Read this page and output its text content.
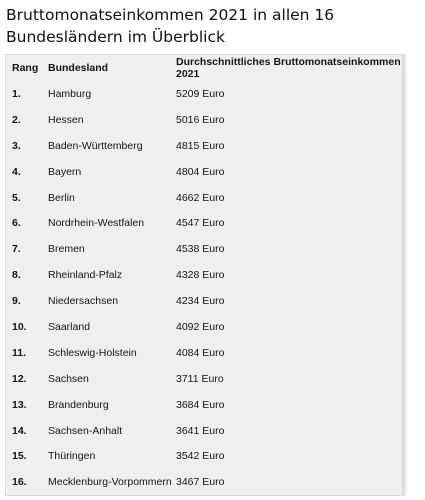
Bruttomonatseinkommen 2021 in allen 16 Bundesländern im Überblick
Rang	Bundesland	Durchschnittliches Bruttomonatseinkommen 2021
1.	Hamburg	5209 Euro
2.	Hessen	5016 Euro
3.	Baden-Württemberg	4815 Euro
4.	Bayern	4804 Euro
5.	Berlin	4662 Euro
6.	Nordrhein-Westfalen	4547 Euro
7.	Bremen	4538 Euro
8.	Rheinland-Pfalz	4328 Euro
9.	Niedersachsen	4234 Euro
10.	Saarland	4092 Euro
11.	Schleswig-Holstein	4084 Euro
12.	Sachsen	3711 Euro
13.	Brandenburg	3684 Euro
14.	Sachsen-Anhalt	3641 Euro
15.	Thüringen	3542 Euro
16.	Mecklenburg-Vorpommern	3467 Euro
